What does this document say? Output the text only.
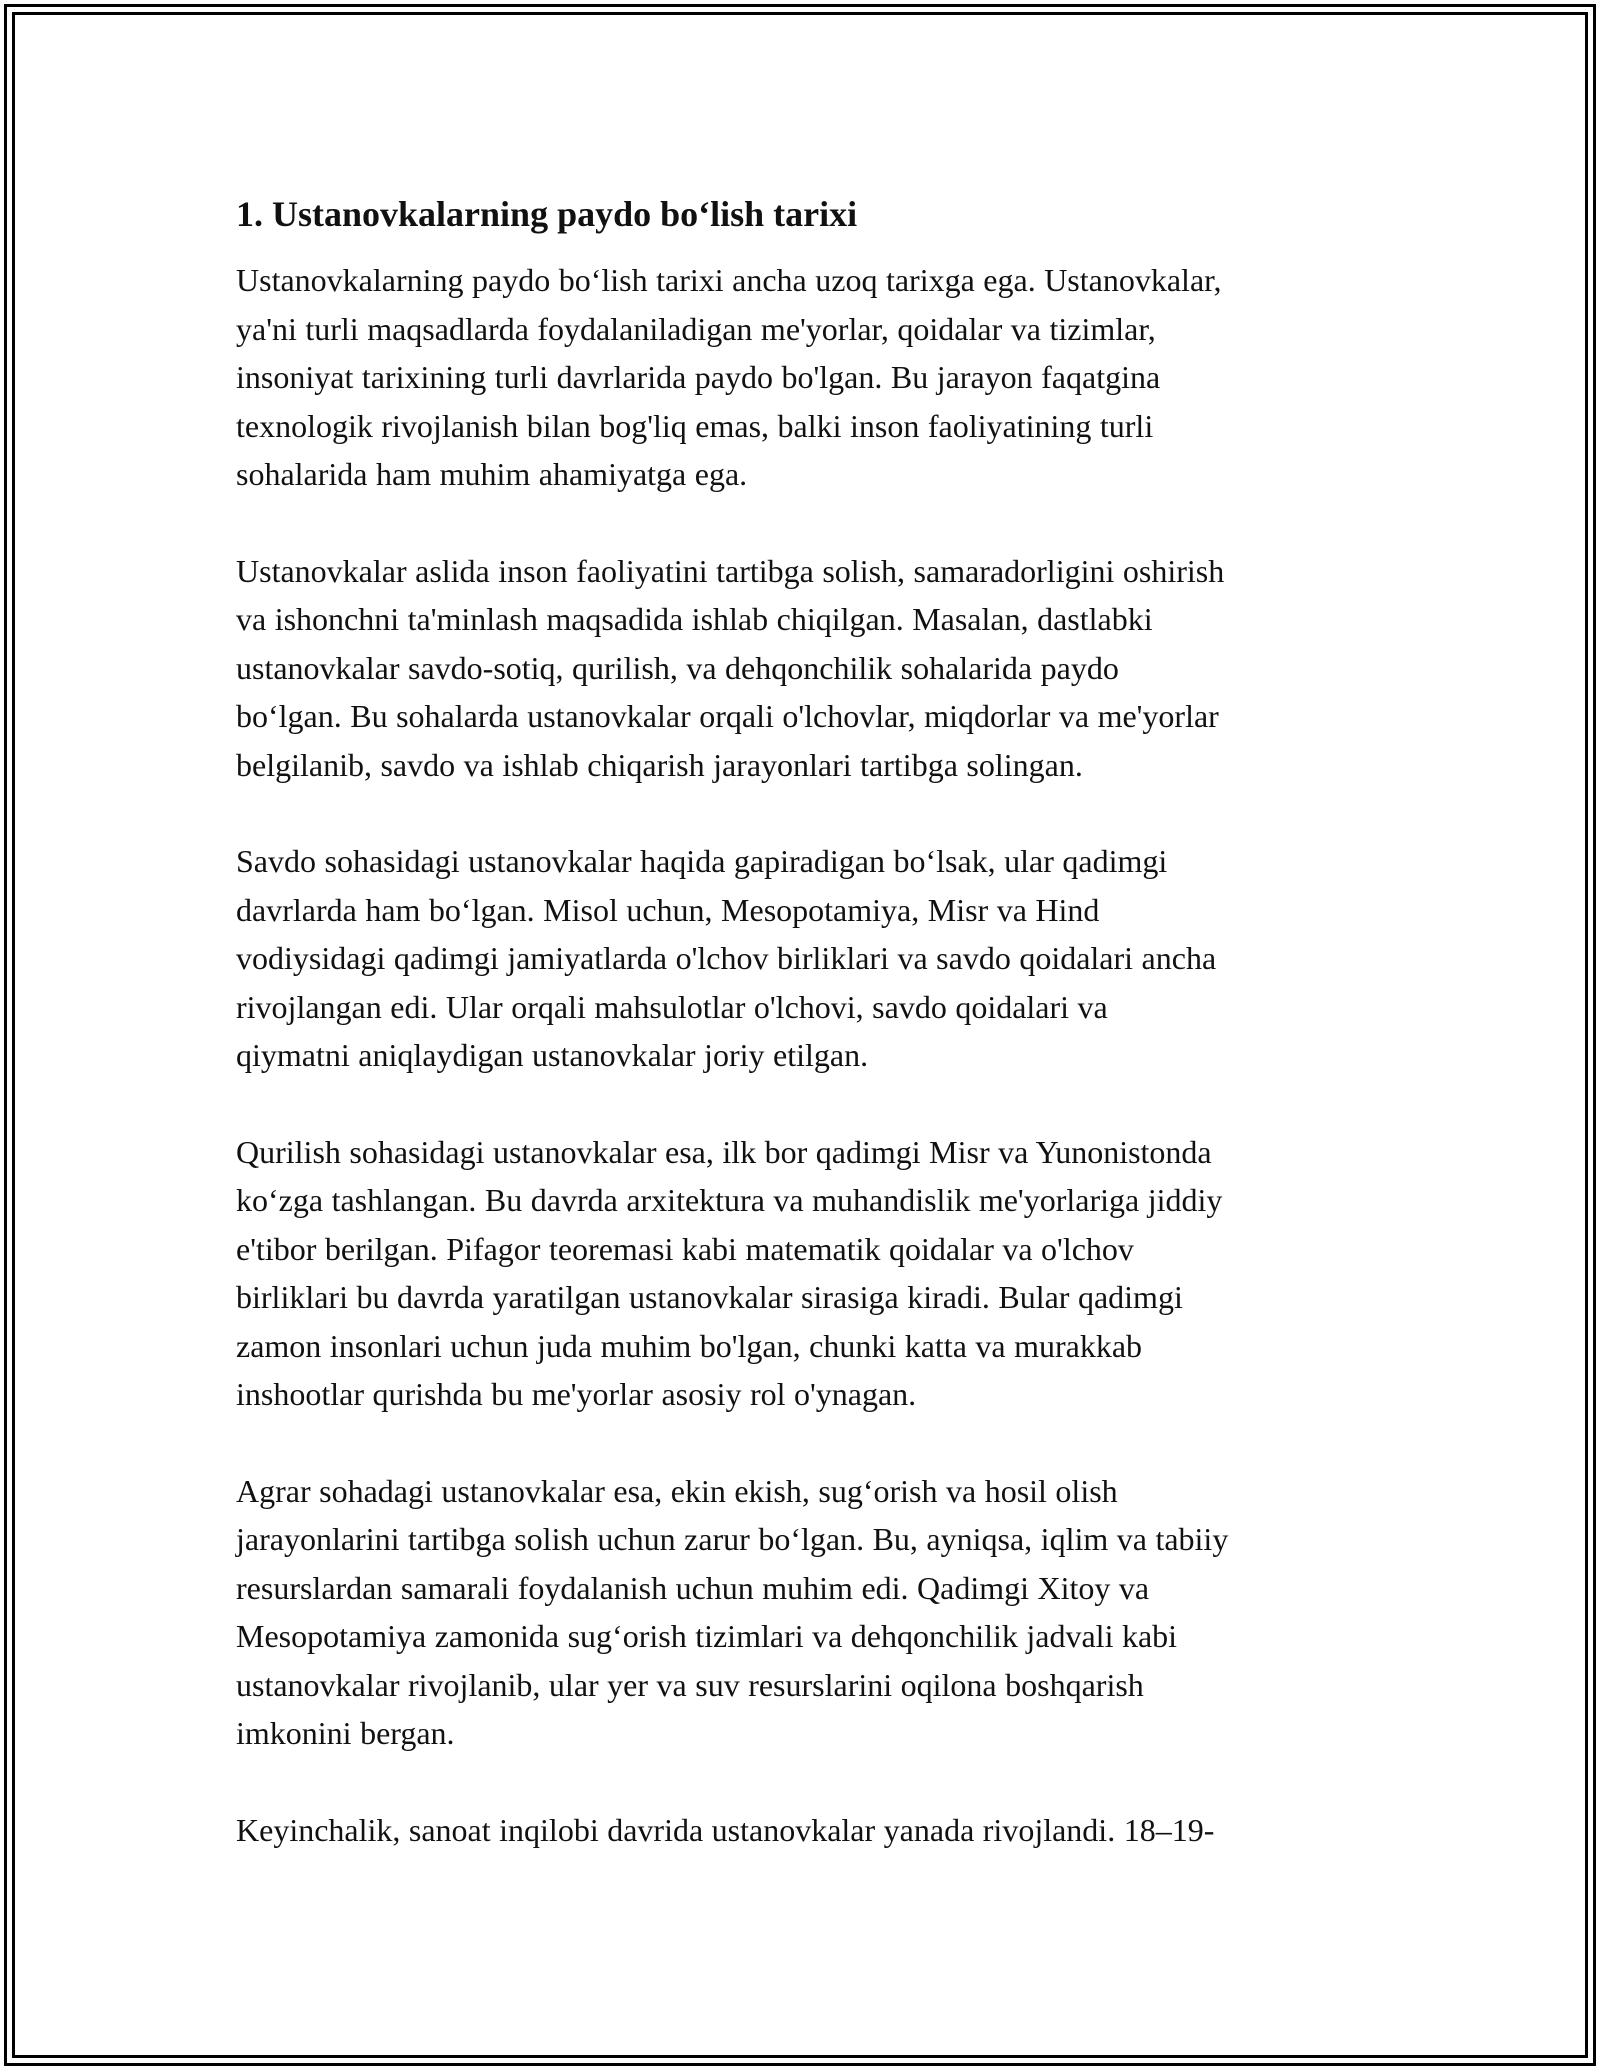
1. Ustanovkalarning paydo bo‘lish tarixi

Ustanovkalarning paydo bo‘lish tarixi ancha uzoq tarixga ega. Ustanovkalar,
ya'ni turli maqsadlarda foydalaniladigan me'yorlar, qoidalar va tizimlar,
insoniyat tarixining turli davrlarida paydo bo'lgan. Bu jarayon faqatgina
texnologik rivojlanish bilan bog'liq emas, balki inson faoliyatining turli
sohalarida ham muhim ahamiyatga ega.

Ustanovkalar aslida inson faoliyatini tartibga solish, samaradorligini oshirish
va ishonchni ta'minlash maqsadida ishlab chiqilgan. Masalan, dastlabki
ustanovkalar savdo-sotiq, qurilish, va dehqonchilik sohalarida paydo
bo‘lgan. Bu sohalarda ustanovkalar orqali o'lchovlar, miqdorlar va me'yorlar
belgilanib, savdo va ishlab chiqarish jarayonlari tartibga solingan.

Savdo sohasidagi ustanovkalar haqida gapiradigan bo‘lsak, ular qadimgi
davrlarda ham bo‘lgan. Misol uchun, Mesopotamiya, Misr va Hind
vodiysidagi qadimgi jamiyatlarda o'lchov birliklari va savdo qoidalari ancha
rivojlangan edi. Ular orqali mahsulotlar o'lchovi, savdo qoidalari va
qiymatni aniqlaydigan ustanovkalar joriy etilgan.

Qurilish sohasidagi ustanovkalar esa, ilk bor qadimgi Misr va Yunonistonda
ko‘zga tashlangan. Bu davrda arxitektura va muhandislik me'yorlariga jiddiy
e'tibor berilgan. Pifagor teoremasi kabi matematik qoidalar va o'lchov
birliklari bu davrda yaratilgan ustanovkalar sirasiga kiradi. Bular qadimgi
zamon insonlari uchun juda muhim bo'lgan, chunki katta va murakkab
inshootlar qurishda bu me'yorlar asosiy rol o'ynagan.

Agrar sohadagi ustanovkalar esa, ekin ekish, sug‘orish va hosil olish
jarayonlarini tartibga solish uchun zarur bo‘lgan. Bu, ayniqsa, iqlim va tabiiy
resurslardan samarali foydalanish uchun muhim edi. Qadimgi Xitoy va
Mesopotamiya zamonida sug‘orish tizimlari va dehqonchilik jadvali kabi
ustanovkalar rivojlanib, ular yer va suv resurslarini oqilona boshqarish
imkonini bergan.

Keyinchalik, sanoat inqilobi davrida ustanovkalar yanada rivojlandi. 18–19-
